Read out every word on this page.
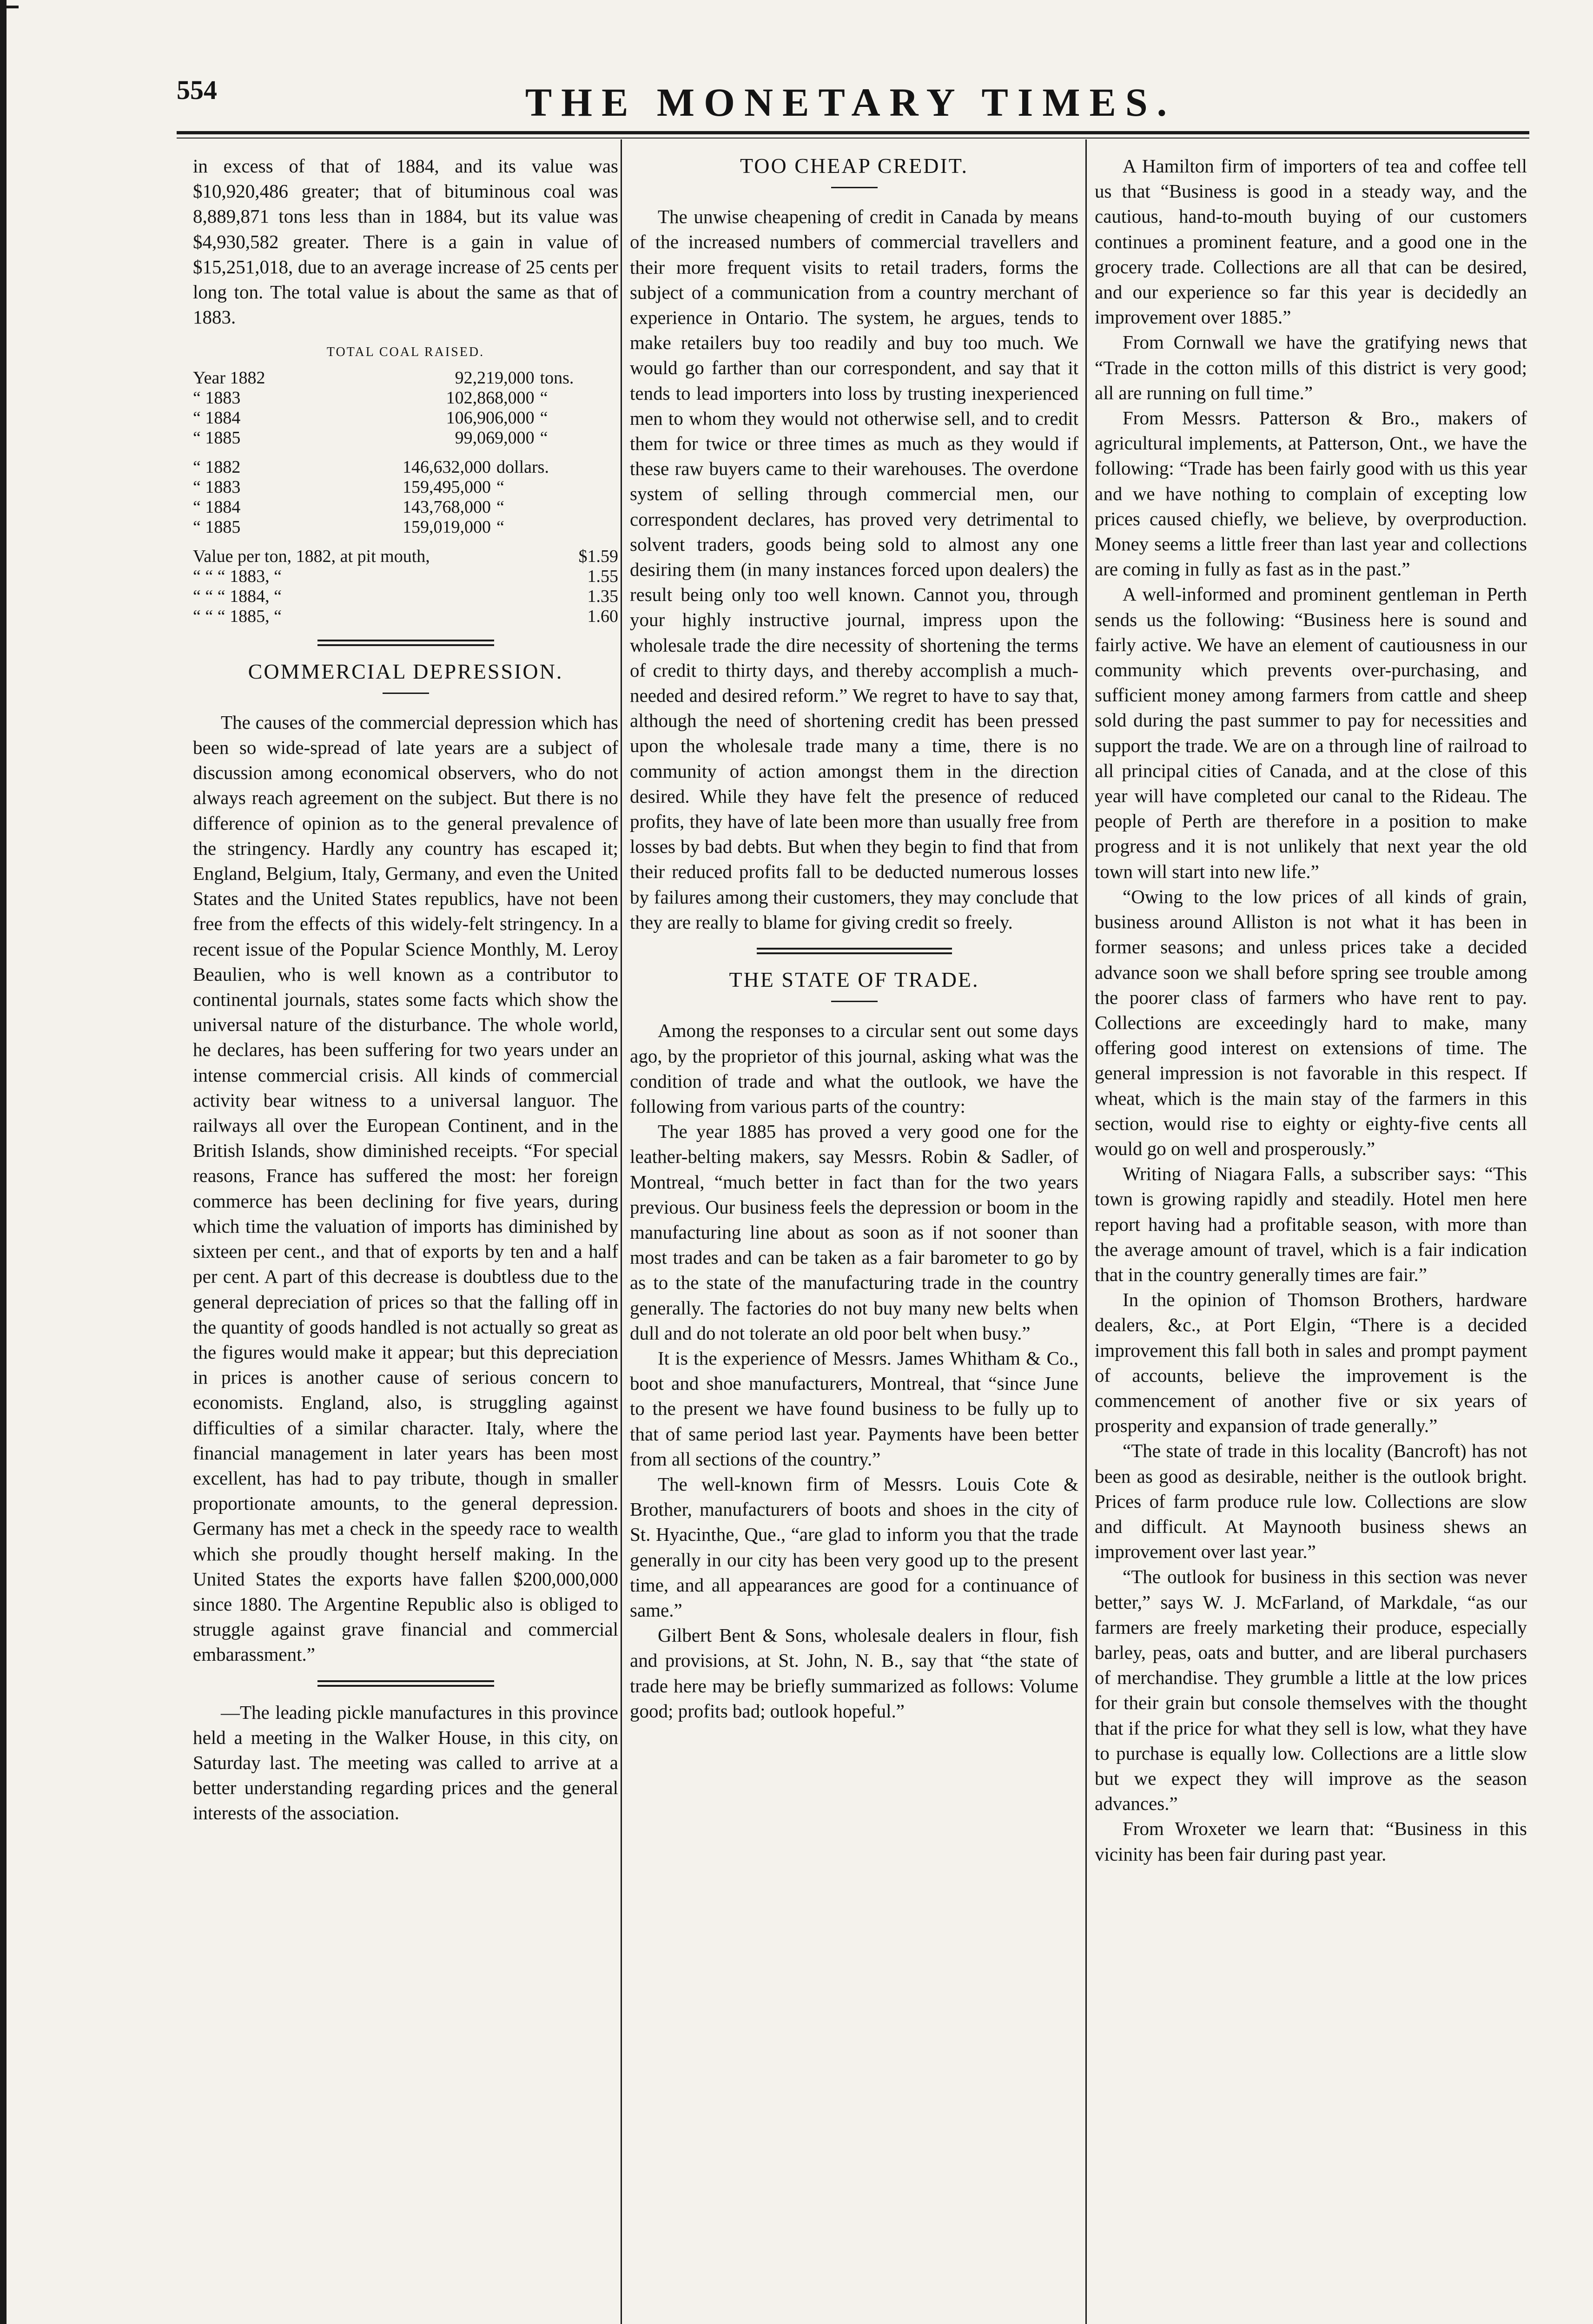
554	THE MONETARY TIMES.

in excess of that of 1884, and its value was $10,920,486 greater; that of bituminous coal was 8,889,871 tons less than in 1884, but its value was $4,930,582 greater. There is a gain in value of $15,251,018, due to an average increase of 25 cents per long ton. The total value is about the same as that of 1883.

TOTAL COAL RAISED.
Year 1882	92,219,000	tons.
“ 1883	102,868,000	“
“ 1884	106,906,000	“
“ 1885	99,069,000	“
“ 1882	146,632,000	dollars.
“ 1883	159,495,000	“
“ 1884	143,768,000	“
“ 1885	159,019,000	“
Value per ton, 1882, at pit mouth,	$1.59
“ “ “ 1883, “	1.55
“ “ “ 1884, “	1.35
“ “ “ 1885, “	1.60
COMMERCIAL DEPRESSION.

The causes of the commercial depression which has been so wide-spread of late years are a subject of discussion among economical observers, who do not always reach agreement on the subject. But there is no difference of opinion as to the general prevalence of the stringency. Hardly any country has escaped it; England, Belgium, Italy, Germany, and even the United States and the United States republics, have not been free from the effects of this widely-felt stringency. In a recent issue of the Popular Science Monthly, M. Leroy Beaulien, who is well known as a contributor to continental journals, states some facts which show the universal nature of the disturbance. The whole world, he declares, has been suffering for two years under an intense commercial crisis. All kinds of commercial activity bear witness to a universal languor. The railways all over the European Continent, and in the British Islands, show diminished receipts. “For special reasons, France has suffered the most: her foreign commerce has been declining for five years, during which time the valuation of imports has diminished by sixteen per cent., and that of exports by ten and a half per cent. A part of this decrease is doubtless due to the general depreciation of prices so that the falling off in the quantity of goods handled is not actually so great as the figures would make it appear; but this depreciation in prices is another cause of serious concern to economists. England, also, is struggling against difficulties of a similar character. Italy, where the financial management in later years has been most excellent, has had to pay tribute, though in smaller proportionate amounts, to the general depression. Germany has met a check in the speedy race to wealth which she proudly thought herself making. In the United States the exports have fallen $200,000,000 since 1880. The Argentine Republic also is obliged to struggle against grave financial and commercial embarassment.”

—The leading pickle manufactures in this province held a meeting in the Walker House, in this city, on Saturday last. The meeting was called to arrive at a better understanding regarding prices and the general interests of the association.

TOO CHEAP CREDIT.

The unwise cheapening of credit in Canada by means of the increased numbers of commercial travellers and their more frequent visits to retail traders, forms the subject of a communication from a country merchant of experience in Ontario. The system, he argues, tends to make retailers buy too readily and buy too much. We would go farther than our correspondent, and say that it tends to lead importers into loss by trusting inexperienced men to whom they would not otherwise sell, and to credit them for twice or three times as much as they would if these raw buyers came to their warehouses. The overdone system of selling through commercial men, our correspondent declares, has proved very detrimental to solvent traders, goods being sold to almost any one desiring them (in many instances forced upon dealers) the result being only too well known. Cannot you, through your highly instructive journal, impress upon the wholesale trade the dire necessity of shortening the terms of credit to thirty days, and thereby accomplish a much-needed and desired reform.” We regret to have to say that, although the need of shortening credit has been pressed upon the wholesale trade many a time, there is no community of action amongst them in the direction desired. While they have felt the presence of reduced profits, they have of late been more than usually free from losses by bad debts. But when they begin to find that from their reduced profits fall to be deducted numerous losses by failures among their customers, they may conclude that they are really to blame for giving credit so freely.

THE STATE OF TRADE.

Among the responses to a circular sent out some days ago, by the proprietor of this journal, asking what was the condition of trade and what the outlook, we have the following from various parts of the country:

The year 1885 has proved a very good one for the leather-belting makers, say Messrs. Robin & Sadler, of Montreal, “much better in fact than for the two years previous. Our business feels the depression or boom in the manufacturing line about as soon as if not sooner than most trades and can be taken as a fair barometer to go by as to the state of the manufacturing trade in the country generally. The factories do not buy many new belts when dull and do not tolerate an old poor belt when busy.”

It is the experience of Messrs. James Whitham & Co., boot and shoe manufacturers, Montreal, that “since June to the present we have found business to be fully up to that of same period last year. Payments have been better from all sections of the country.”

The well-known firm of Messrs. Louis Cote & Brother, manufacturers of boots and shoes in the city of St. Hyacinthe, Que., “are glad to inform you that the trade generally in our city has been very good up to the present time, and all appearances are good for a continuance of same.”

Gilbert Bent & Sons, wholesale dealers in flour, fish and provisions, at St. John, N. B., say that “the state of trade here may be briefly summarized as follows: Volume good; profits bad; outlook hopeful.”

A Hamilton firm of importers of tea and coffee tell us that “Business is good in a steady way, and the cautious, hand-to-mouth buying of our customers continues a prominent feature, and a good one in the grocery trade. Collections are all that can be desired, and our experience so far this year is decidedly an improvement over 1885.”

From Cornwall we have the gratifying news that “Trade in the cotton mills of this district is very good; all are running on full time.”

From Messrs. Patterson & Bro., makers of agricultural implements, at Patterson, Ont., we have the following: “Trade has been fairly good with us this year and we have nothing to complain of excepting low prices caused chiefly, we believe, by overproduction. Money seems a little freer than last year and collections are coming in fully as fast as in the past.”

A well-informed and prominent gentleman in Perth sends us the following: “Business here is sound and fairly active. We have an element of cautiousness in our community which prevents over-purchasing, and sufficient money among farmers from cattle and sheep sold during the past summer to pay for necessities and support the trade. We are on a through line of railroad to all principal cities of Canada, and at the close of this year will have completed our canal to the Rideau. The people of Perth are therefore in a position to make progress and it is not unlikely that next year the old town will start into new life.”

“Owing to the low prices of all kinds of grain, business around Alliston is not what it has been in former seasons; and unless prices take a decided advance soon we shall before spring see trouble among the poorer class of farmers who have rent to pay. Collections are exceedingly hard to make, many offering good interest on extensions of time. The general impression is not favorable in this respect. If wheat, which is the main stay of the farmers in this section, would rise to eighty or eighty-five cents all would go on well and prosperously.”

Writing of Niagara Falls, a subscriber says: “This town is growing rapidly and steadily. Hotel men here report having had a profitable season, with more than the average amount of travel, which is a fair indication that in the country generally times are fair.”

In the opinion of Thomson Brothers, hardware dealers, &c., at Port Elgin, “There is a decided improvement this fall both in sales and prompt payment of accounts, believe the improvement is the commencement of another five or six years of prosperity and expansion of trade generally.”

“The state of trade in this locality (Bancroft) has not been as good as desirable, neither is the outlook bright. Prices of farm produce rule low. Collections are slow and difficult. At Maynooth business shews an improvement over last year.”

“The outlook for business in this section was never better,” says W. J. McFarland, of Markdale, “as our farmers are freely marketing their produce, especially barley, peas, oats and butter, and are liberal purchasers of merchandise. They grumble a little at the low prices for their grain but console themselves with the thought that if the price for what they sell is low, what they have to purchase is equally low. Collections are a little slow but we expect they will improve as the season advances.”

From Wroxeter we learn that: “Business in this vicinity has been fair during past year.
